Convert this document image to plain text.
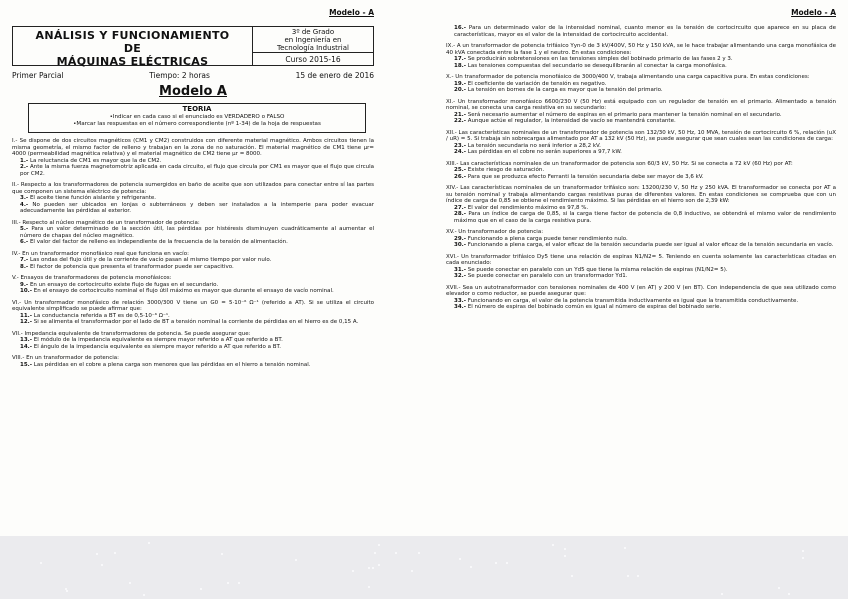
Modelo - A
ANÁLISIS Y FUNCIONAMIENTO
DE
MÁQUINAS ELÉCTRICAS
3º de Grado
en Ingeniería en
Tecnología Industrial
Curso 2015-16
Primer Parcial	Tiempo: 2 horas	15 de enero de 2016
Modelo A
TEORIA
•Indicar en cada caso si el enunciado es VERDADERO o FALSO
•Marcar las respuestas en el número correspondiente (nº 1-34) de la hoja de respuestas
I.- Se dispone de dos circuitos magnéticos (CM1 y CM2) construidos con diferente material magnético. Ambos circuitos tienen la misma geometría, el mismo factor de relleno y trabajan en la zona de no saturación. El material magnético de CM1 tiene μr= 4000 (permeabilidad magnética relativa) y el material magnético de CM2 tiene μr = 8000.
1.- La reluctancia de CM1 es mayor que la de CM2.
2.- Ante la misma fuerza magnetomotriz aplicada en cada circuito, el flujo que circula por CM1 es mayor que el flujo que circula por CM2.
II.- Respecto a los transformadores de potencia sumergidos en baño de aceite que son utilizados para conectar entre sí las partes que componen un sistema eléctrico de potencia:
3.- El aceite tiene función aislante y refrigerante.
4.- No pueden ser ubicados en lonjas o subterráneos y deben ser instalados a la intemperie para poder evacuar adecuadamente las pérdidas al exterior.
III.- Respecto al núcleo magnético de un transformador de potencia:
5.- Para un valor determinado de la sección útil, las pérdidas por histéresis disminuyen cuadráticamente al aumentar el número de chapas del núcleo magnético.
6.- El valor del factor de relleno es independiente de la frecuencia de la tensión de alimentación.
IV.- En un transformador monofásico real que funciona en vacío:
7.- Las ondas del flujo útil y de la corriente de vacío pasan al mismo tiempo por valor nulo.
8.- El factor de potencia que presenta el transformador puede ser capacitivo.
V.- Ensayos de transformadores de potencia monofásicos:
9.- En un ensayo de cortocircuito existe flujo de fugas en el secundario.
10.- En el ensayo de cortocircuito nominal el flujo útil máximo es mayor que durante el ensayo de vacío nominal.
VI.- Un transformador monofásico de relación 3000/300 V tiene un G0 = 5·10⁻⁶ Ω⁻¹ (referido a AT). Si se utiliza el circuito equivalente simplificado se puede afirmar que:
11.- La conductancia referida a BT es de 0,5·10⁻⁶ Ω⁻¹.
12.- Si se alimenta el transformador por el lado de BT a tensión nominal la corriente de pérdidas en el hierro es de 0,15 A.
VII.- Impedancia equivalente de transformadores de potencia. Se puede asegurar que:
13.- El módulo de la impedancia equivalente es siempre mayor referido a AT que referido a BT.
14.- El ángulo de la impedancia equivalente es siempre mayor referido a AT que referido a BT.
VIII.- En un transformador de potencia:
15.- Las pérdidas en el cobre a plena carga son menores que las pérdidas en el hierro a tensión nominal.
Modelo - A
16.- Para un determinado valor de la intensidad nominal, cuanto menor es la tensión de cortocircuito que aparece en su placa de características, mayor es el valor de la intensidad de cortocircuito accidental.
IX.- A un transformador de potencia trifásico Yyn-0 de 3 kV/400V, 50 Hz y 150 kVA, se le hace trabajar alimentando una carga monofásica de 40 kVA conectada entre la fase 1 y el neutro. En estas condiciones:
17.- Se producirán sobretensiones en las tensiones simples del bobinado primario de las fases 2 y 3.
18.- Las tensiones compuestas del secundario se desequilibrarán al conectar la carga monofásica.
X.- Un transformador de potencia monofásico de 3000/400 V, trabaja alimentando una carga capacitiva pura. En estas condiciones:
19.- El coeficiente de variación de tensión es negativo.
20.- La tensión en bornes de la carga es mayor que la tensión del primario.
XI.- Un transformador monofásico 6600/230 V (50 Hz) está equipado con un regulador de tensión en el primario. Alimentado a tensión nominal, se conecta una carga resistiva en su secundario:
21.- Será necesario aumentar el número de espiras en el primario para mantener la tensión nominal en el secundario.
22.- Aunque actúe el regulador, la intensidad de vacío se mantendrá constante.
XII.- Las características nominales de un transformador de potencia son 132/30 kV, 50 Hz, 10 MVA, tensión de cortocircuito 6 %, relación (uX / uR) = 5. Si trabaja sin sobrecargas alimentado por AT a 132 kV (50 Hz), se puede asegurar que sean cuales sean las condiciones de carga:
23.- La tensión secundaria no será inferior a 28,2 kV.
24.- Las pérdidas en el cobre no serán superiores a 97,7 kW.
XIII.- Las características nominales de un transformador de potencia son 60/3 kV, 50 Hz. Si se conecta a 72 kV (60 Hz) por AT:
25.- Existe riesgo de saturación.
26.- Para que se produzca efecto Ferranti la tensión secundaria debe ser mayor de 3,6 kV.
XIV.- Las características nominales de un transformador trifásico son: 13200/230 V, 50 Hz y 250 kVA. El transformador se conecta por AT a su tensión nominal y trabaja alimentando cargas resistivas puras de diferentes valores. En estas condiciones se comprueba que con un índice de carga de 0,85 se obtiene el rendimiento máximo. Si las pérdidas en el hierro son de 2,39 kW:
27.- El valor del rendimiento máximo es 97,8 %.
28.- Para un índice de carga de 0,85, si la carga tiene factor de potencia de 0,8 inductivo, se obtendrá el mismo valor de rendimiento máximo que en el caso de la carga resistiva pura.
XV.- Un transformador de potencia:
29.- Funcionando a plena carga puede tener rendimiento nulo.
30.- Funcionando a plena carga, el valor eficaz de la tensión secundaria puede ser igual al valor eficaz de la tensión secundaria en vacío.
XVI.- Un transformador trifásico Dy5 tiene una relación de espiras N1/N2= 5. Teniendo en cuenta solamente las características citadas en cada enunciado:
31.- Se puede conectar en paralelo con un Yd5 que tiene la misma relación de espiras (N1/N2= 5).
32.- Se puede conectar en paralelo con un transformador Yd1.
XVII.- Sea un autotransformador con tensiones nominales de 400 V (en AT) y 200 V (en BT). Con independencia de que sea utilizado como elevador o como reductor, se puede asegurar que:
33.- Funcionando en carga, el valor de la potencia transmitida inductivamente es igual que la transmitida conductivamente.
34.- El número de espiras del bobinado común es igual al número de espiras del bobinado serie.
